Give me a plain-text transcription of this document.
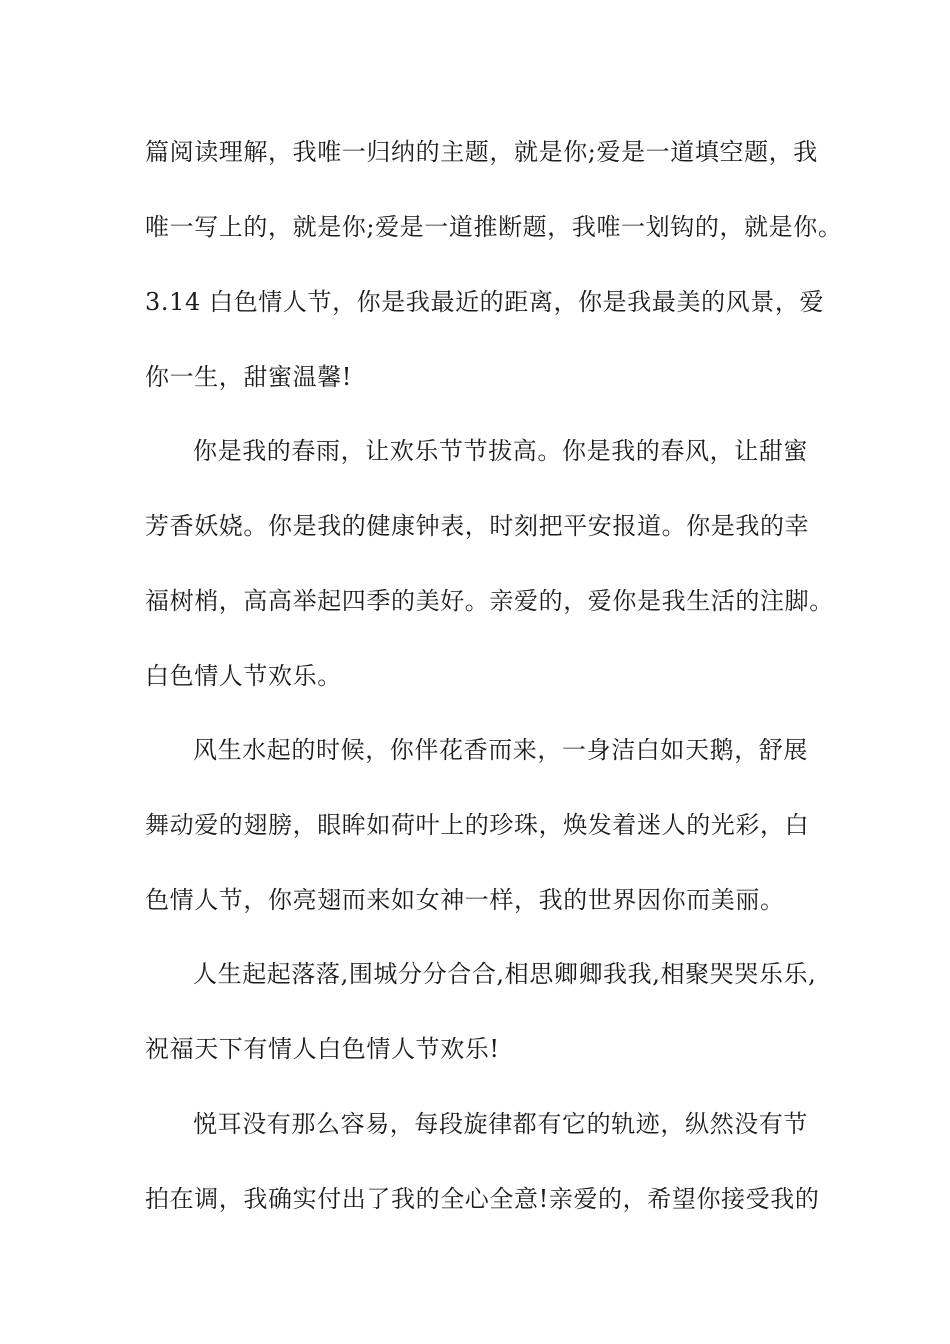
篇阅读理解，我唯一归纳的主题，就是你;爱是一道填空题，我
唯一写上的，就是你;爱是一道推断题，我唯一划钩的，就是你。
3.14 白色情人节，你是我最近的距离，你是我最美的风景，爱
你一生，甜蜜温馨!
你是我的春雨，让欢乐节节拔高。你是我的春风，让甜蜜
芳香妖娆。你是我的健康钟表，时刻把平安报道。你是我的幸
福树梢，高高举起四季的美好。亲爱的，爱你是我生活的注脚。
白色情人节欢乐。
风生水起的时候，你伴花香而来，一身洁白如天鹅，舒展
舞动爱的翅膀，眼眸如荷叶上的珍珠，焕发着迷人的光彩，白
色情人节，你亮翅而来如女神一样，我的世界因你而美丽。
人生起起落落,围城分分合合,相思卿卿我我,相聚哭哭乐乐,
祝福天下有情人白色情人节欢乐!
悦耳没有那么容易，每段旋律都有它的轨迹，纵然没有节
拍在调，我确实付出了我的全心全意!亲爱的，希望你接受我的
